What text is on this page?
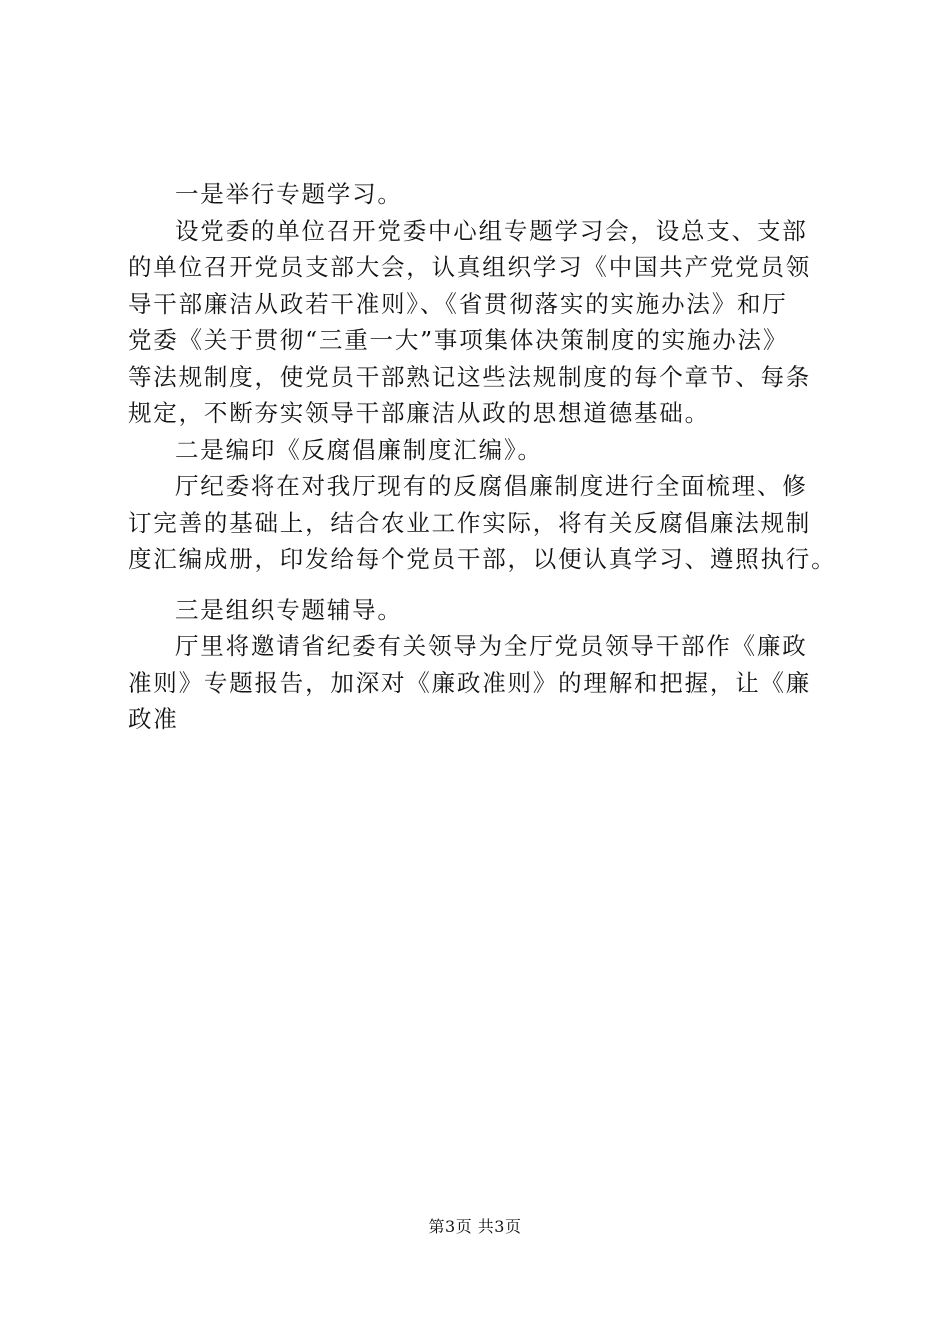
一是举行专题学习。
设党委的单位召开党委中心组专题学习会，设总支、支部
的单位召开党员支部大会，认真组织学习《中国共产党党员领
导干部廉洁从政若干准则》、《省贯彻落实的实施办法》和厅
党委《关于贯彻“三重一大”事项集体决策制度的实施办法》
等法规制度，使党员干部熟记这些法规制度的每个章节、每条
规定，不断夯实领导干部廉洁从政的思想道德基础。
二是编印《反腐倡廉制度汇编》。
厅纪委将在对我厅现有的反腐倡廉制度进行全面梳理、修
订完善的基础上，结合农业工作实际，将有关反腐倡廉法规制
度汇编成册，印发给每个党员干部，以便认真学习、遵照执行。
三是组织专题辅导。
厅里将邀请省纪委有关领导为全厅党员领导干部作《廉政
准则》专题报告，加深对《廉政准则》的理解和把握，让《廉
政准
第3页 共3页
